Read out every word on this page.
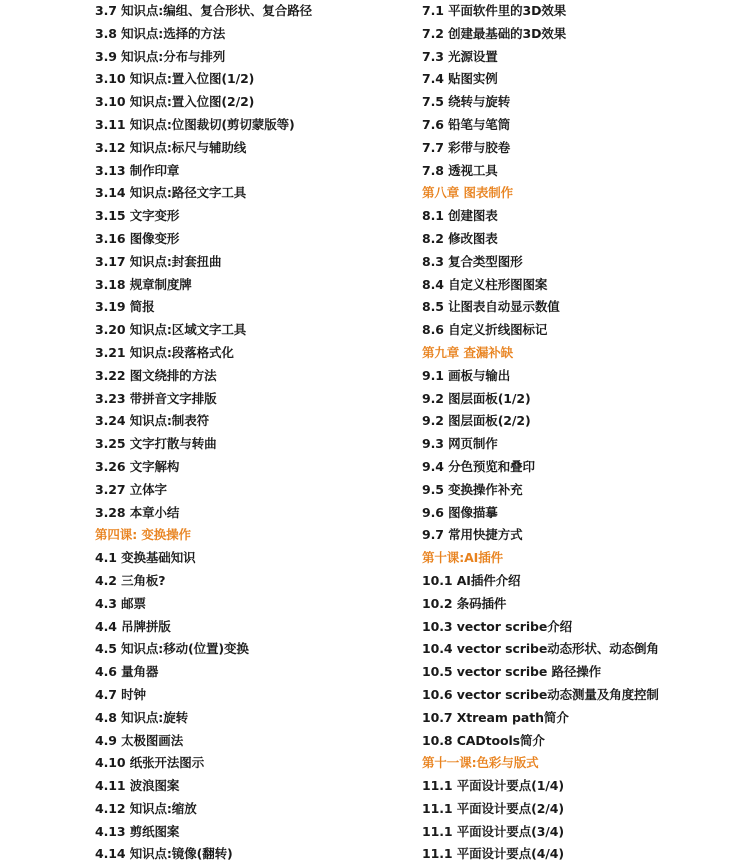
3.7 知识点:编组、复合形状、复合路径
3.8 知识点:选择的方法
3.9 知识点:分布与排列
3.10 知识点:置入位图(1/2)
3.10 知识点:置入位图(2/2)
3.11 知识点:位图裁切(剪切蒙版等)
3.12 知识点:标尺与辅助线
3.13 制作印章
3.14 知识点:路径文字工具
3.15 文字变形
3.16 图像变形
3.17 知识点:封套扭曲
3.18 规章制度牌
3.19 简报
3.20 知识点:区域文字工具
3.21 知识点:段落格式化
3.22 图文绕排的方法
3.23 带拼音文字排版
3.24 知识点:制表符
3.25 文字打散与转曲
3.26 文字解构
3.27 立体字
3.28 本章小结
第四课: 变换操作
4.1 变换基础知识
4.2 三角板?
4.3 邮票
4.4 吊牌拼版
4.5 知识点:移动(位置)变换
4.6 量角器
4.7 时钟
4.8 知识点:旋转
4.9 太极图画法
4.10 纸张开法图示
4.11 波浪图案
4.12 知识点:缩放
4.13 剪纸图案
4.14 知识点:镜像(翻转)
7.1 平面软件里的3D效果
7.2 创建最基础的3D效果
7.3 光源设置
7.4 贴图实例
7.5 绕转与旋转
7.6 铅笔与笔筒
7.7 彩带与胶卷
7.8 透视工具
第八章 图表制作
8.1 创建图表
8.2 修改图表
8.3 复合类型图形
8.4 自定义柱形图图案
8.5 让图表自动显示数值
8.6 自定义折线图标记
第九章 查漏补缺
9.1 画板与输出
9.2 图层面板(1/2)
9.2 图层面板(2/2)
9.3 网页制作
9.4 分色预览和叠印
9.5 变换操作补充
9.6 图像描摹
9.7 常用快捷方式
第十课:AI插件
10.1 AI插件介绍
10.2 条码插件
10.3 vector scribe介绍
10.4 vector scribe动态形状、动态倒角
10.5 vector scribe 路径操作
10.6 vector scribe动态测量及角度控制
10.7 Xtream path简介
10.8 CADtools简介
第十一课:色彩与版式
11.1 平面设计要点(1/4)
11.1 平面设计要点(2/4)
11.1 平面设计要点(3/4)
11.1 平面设计要点(4/4)
